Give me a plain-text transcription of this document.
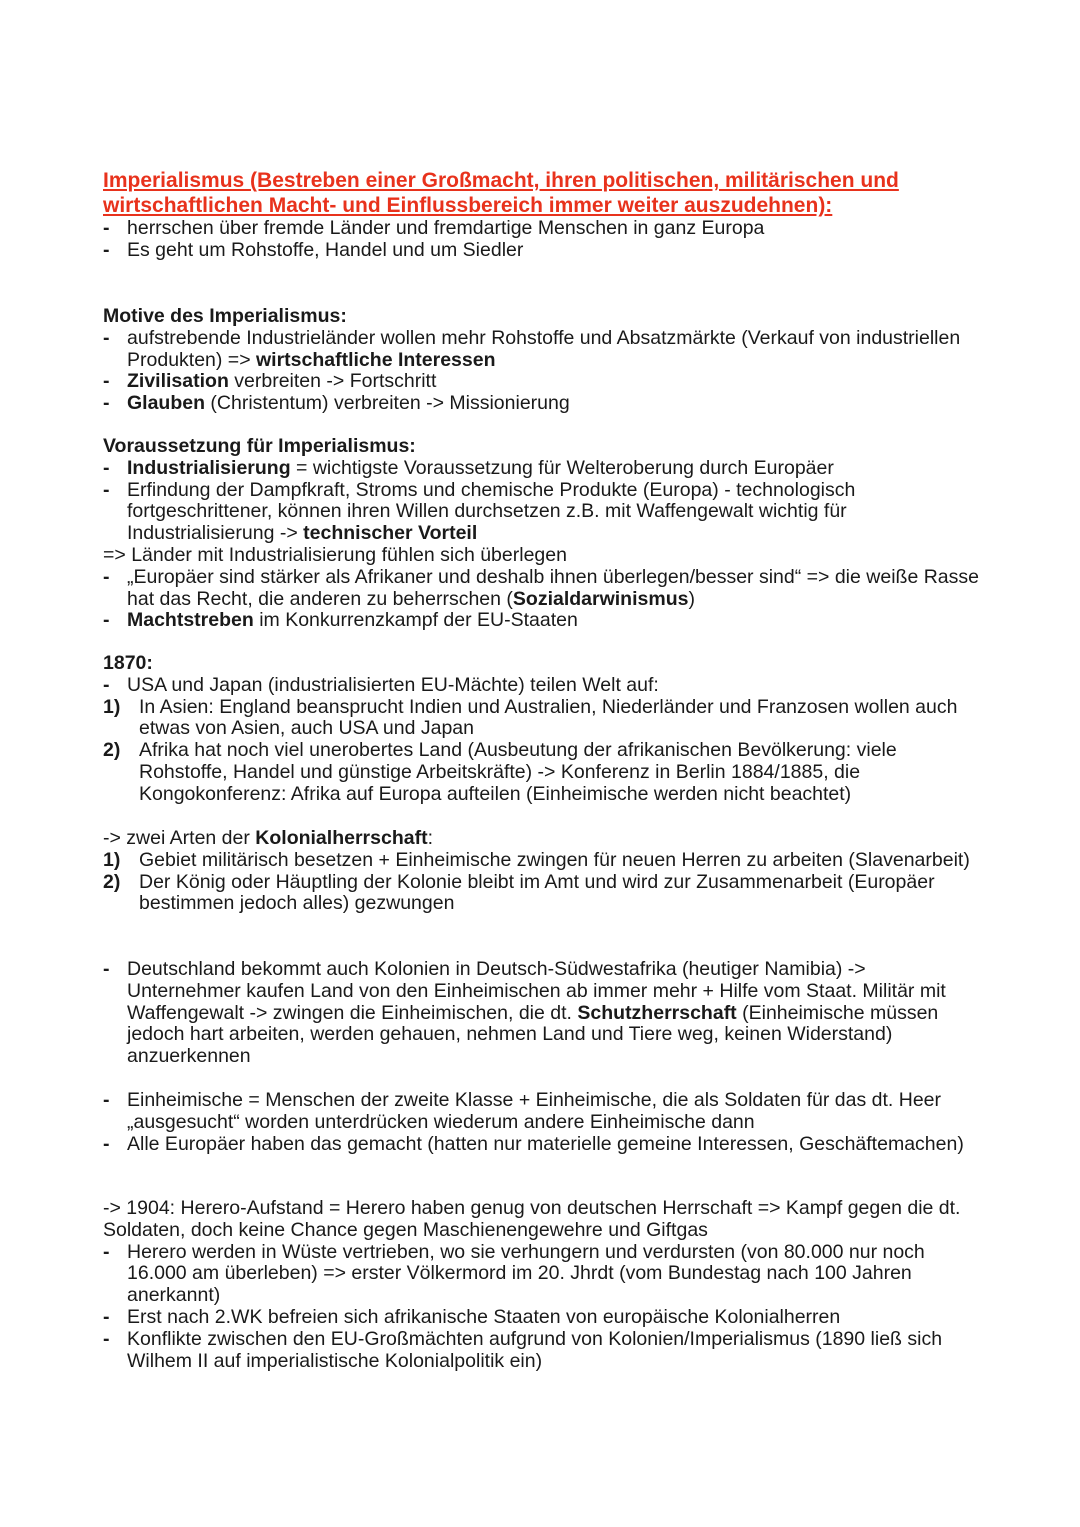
Imperialismus (Bestreben einer Großmacht, ihren politischen, militärischen und
wirtschaftlichen Macht- und Einflussbereich immer weiter auszudehnen):
- herrschen über fremde Länder und fremdartige Menschen in ganz Europa
- Es geht um Rohstoffe, Handel und um Siedler
Motive des Imperialismus:
- aufstrebende Industrieländer wollen mehr Rohstoffe und Absatzmärkte (Verkauf von industriellen Produkten) => wirtschaftliche Interessen
- Zivilisation verbreiten -> Fortschritt
- Glauben (Christentum) verbreiten -> Missionierung
Voraussetzung für Imperialismus:
- Industrialisierung = wichtigste Voraussetzung für Welteroberung durch Europäer
- Erfindung der Dampfkraft, Stroms und chemische Produkte (Europa) - technologisch fortgeschrittener, können ihren Willen durchsetzen z.B. mit Waffengewalt wichtig für Industrialisierung -> technischer Vorteil
=> Länder mit Industrialisierung fühlen sich überlegen
- „Europäer sind stärker als Afrikaner und deshalb ihnen überlegen/besser sind“ => die weiße Rasse hat das Recht, die anderen zu beherrschen (Sozialdarwinismus)
- Machtstreben im Konkurrenzkampf der EU-Staaten
1870:
- USA und Japan (industrialisierten EU-Mächte) teilen Welt auf:
1) In Asien: England beansprucht Indien und Australien, Niederländer und Franzosen wollen auch etwas von Asien, auch USA und Japan
2) Afrika hat noch viel unerobertes Land (Ausbeutung der afrikanischen Bevölkerung: viele Rohstoffe, Handel und günstige Arbeitskräfte) -> Konferenz in Berlin 1884/1885, die Kongokonferenz: Afrika auf Europa aufteilen (Einheimische werden nicht beachtet)
-> zwei Arten der Kolonialherrschaft:
1) Gebiet militärisch besetzen + Einheimische zwingen für neuen Herren zu arbeiten (Slavenarbeit)
2) Der König oder Häuptling der Kolonie bleibt im Amt und wird zur Zusammenarbeit (Europäer bestimmen jedoch alles) gezwungen
- Deutschland bekommt auch Kolonien in Deutsch-Südwestafrika (heutiger Namibia) -> Unternehmer kaufen Land von den Einheimischen ab immer mehr + Hilfe vom Staat. Militär mit Waffengewalt -> zwingen die Einheimischen, die dt. Schutzherrschaft (Einheimische müssen jedoch hart arbeiten, werden gehauen, nehmen Land und Tiere weg, keinen Widerstand) anzuerkennen
- Einheimische = Menschen der zweite Klasse + Einheimische, die als Soldaten für das dt. Heer „ausgesucht“ worden unterdrücken wiederum andere Einheimische dann
- Alle Europäer haben das gemacht (hatten nur materielle gemeine Interessen, Geschäftemachen)
-> 1904: Herero-Aufstand = Herero haben genug von deutschen Herrschaft => Kampf gegen die dt. Soldaten, doch keine Chance gegen Maschienengewehre und Giftgas
- Herero werden in Wüste vertrieben, wo sie verhungern und verdursten (von 80.000 nur noch 16.000 am überleben) => erster Völkermord im 20. Jhrdt (vom Bundestag nach 100 Jahren anerkannt)
- Erst nach 2.WK befreien sich afrikanische Staaten von europäische Kolonialherren
- Konflikte zwischen den EU-Großmächten aufgrund von Kolonien/Imperialismus (1890 ließ sich Wilhem II auf imperialistische Kolonialpolitik ein)
